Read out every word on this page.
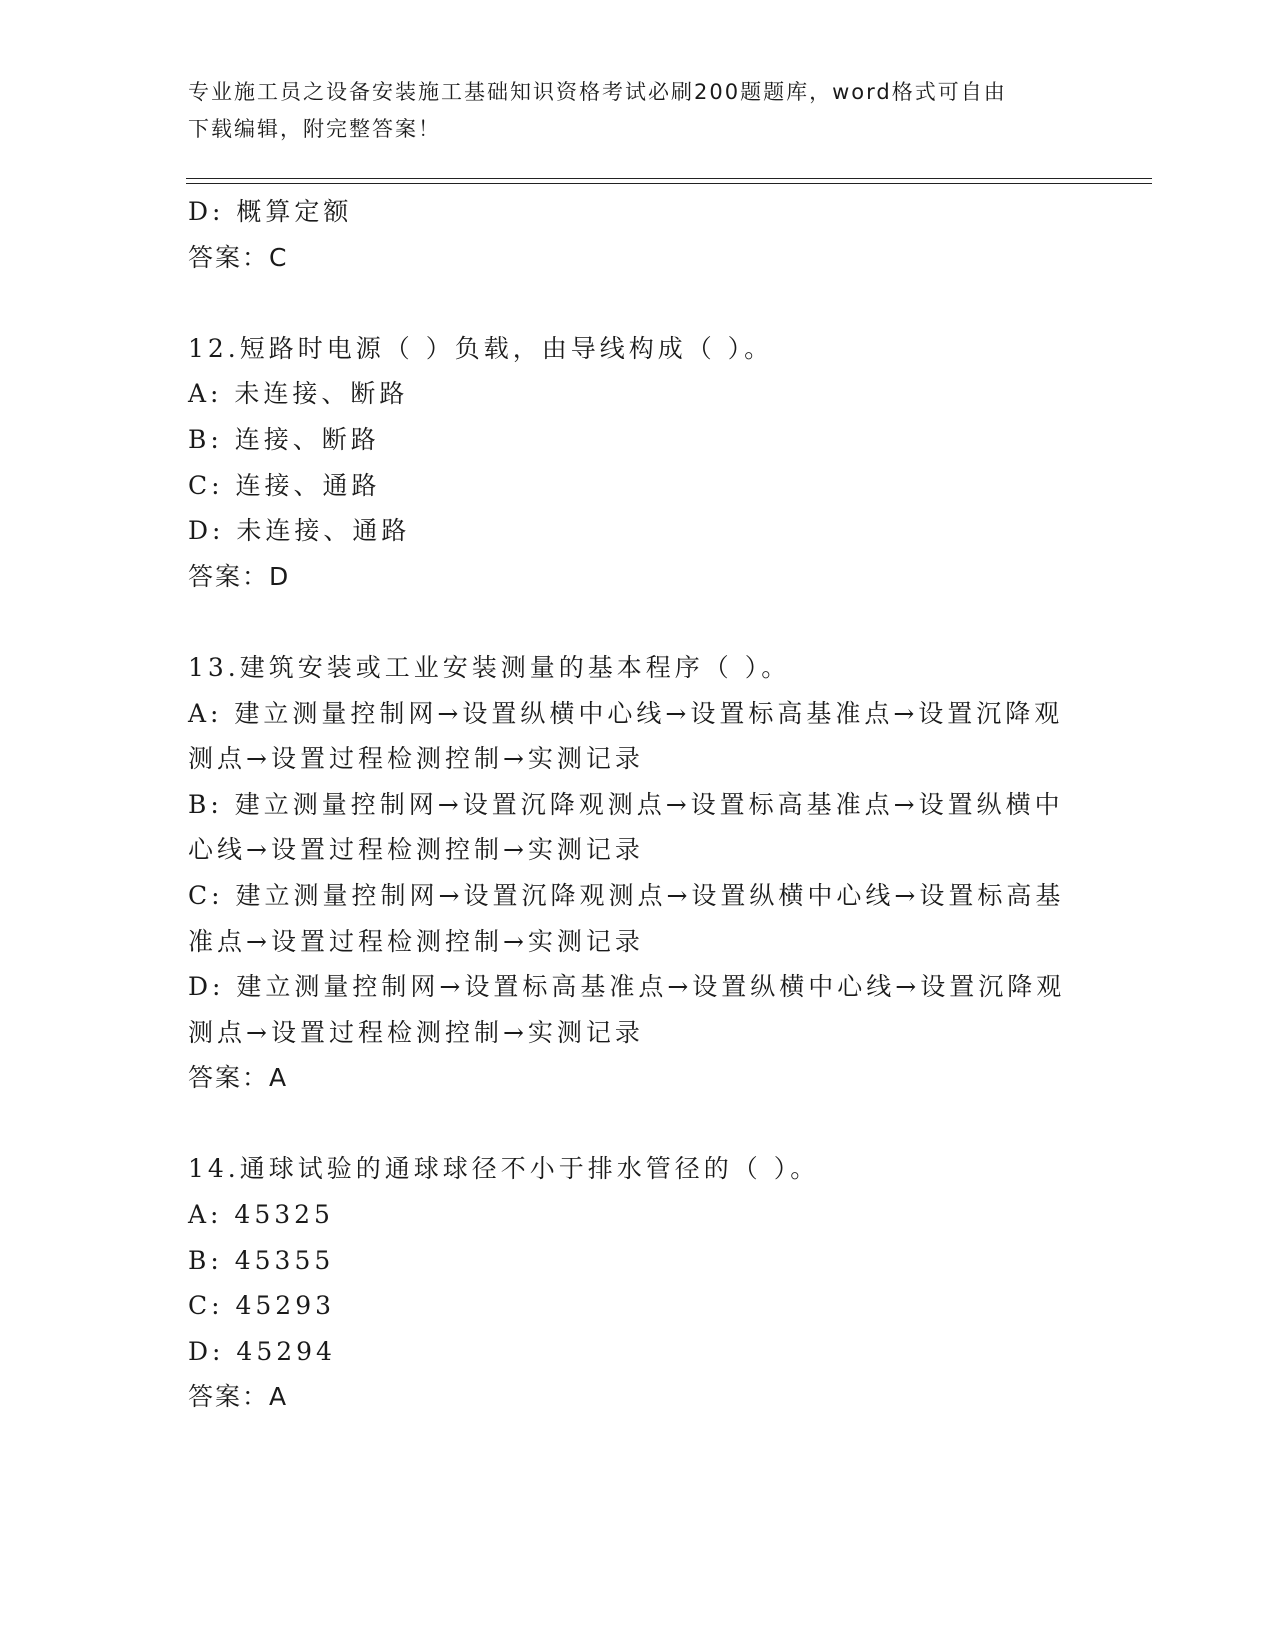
专业施工员之设备安装施工基础知识资格考试必刷200题题库，word格式可自由
下载编辑，附完整答案！
D: 概算定额
答案：C
12.短路时电源（ ）负载，由导线构成（ ）。
A: 未连接、断路
B: 连接、断路
C: 连接、通路
D: 未连接、通路
答案：D
13.建筑安装或工业安装测量的基本程序（ ）。
A: 建立测量控制网→设置纵横中心线→设置标高基准点→设置沉降观
测点→设置过程检测控制→实测记录
B: 建立测量控制网→设置沉降观测点→设置标高基准点→设置纵横中
心线→设置过程检测控制→实测记录
C: 建立测量控制网→设置沉降观测点→设置纵横中心线→设置标高基
准点→设置过程检测控制→实测记录
D: 建立测量控制网→设置标高基准点→设置纵横中心线→设置沉降观
测点→设置过程检测控制→实测记录
答案：A
14.通球试验的通球球径不小于排水管径的（ ）。
A: 45325
B: 45355
C: 45293
D: 45294
答案：A
